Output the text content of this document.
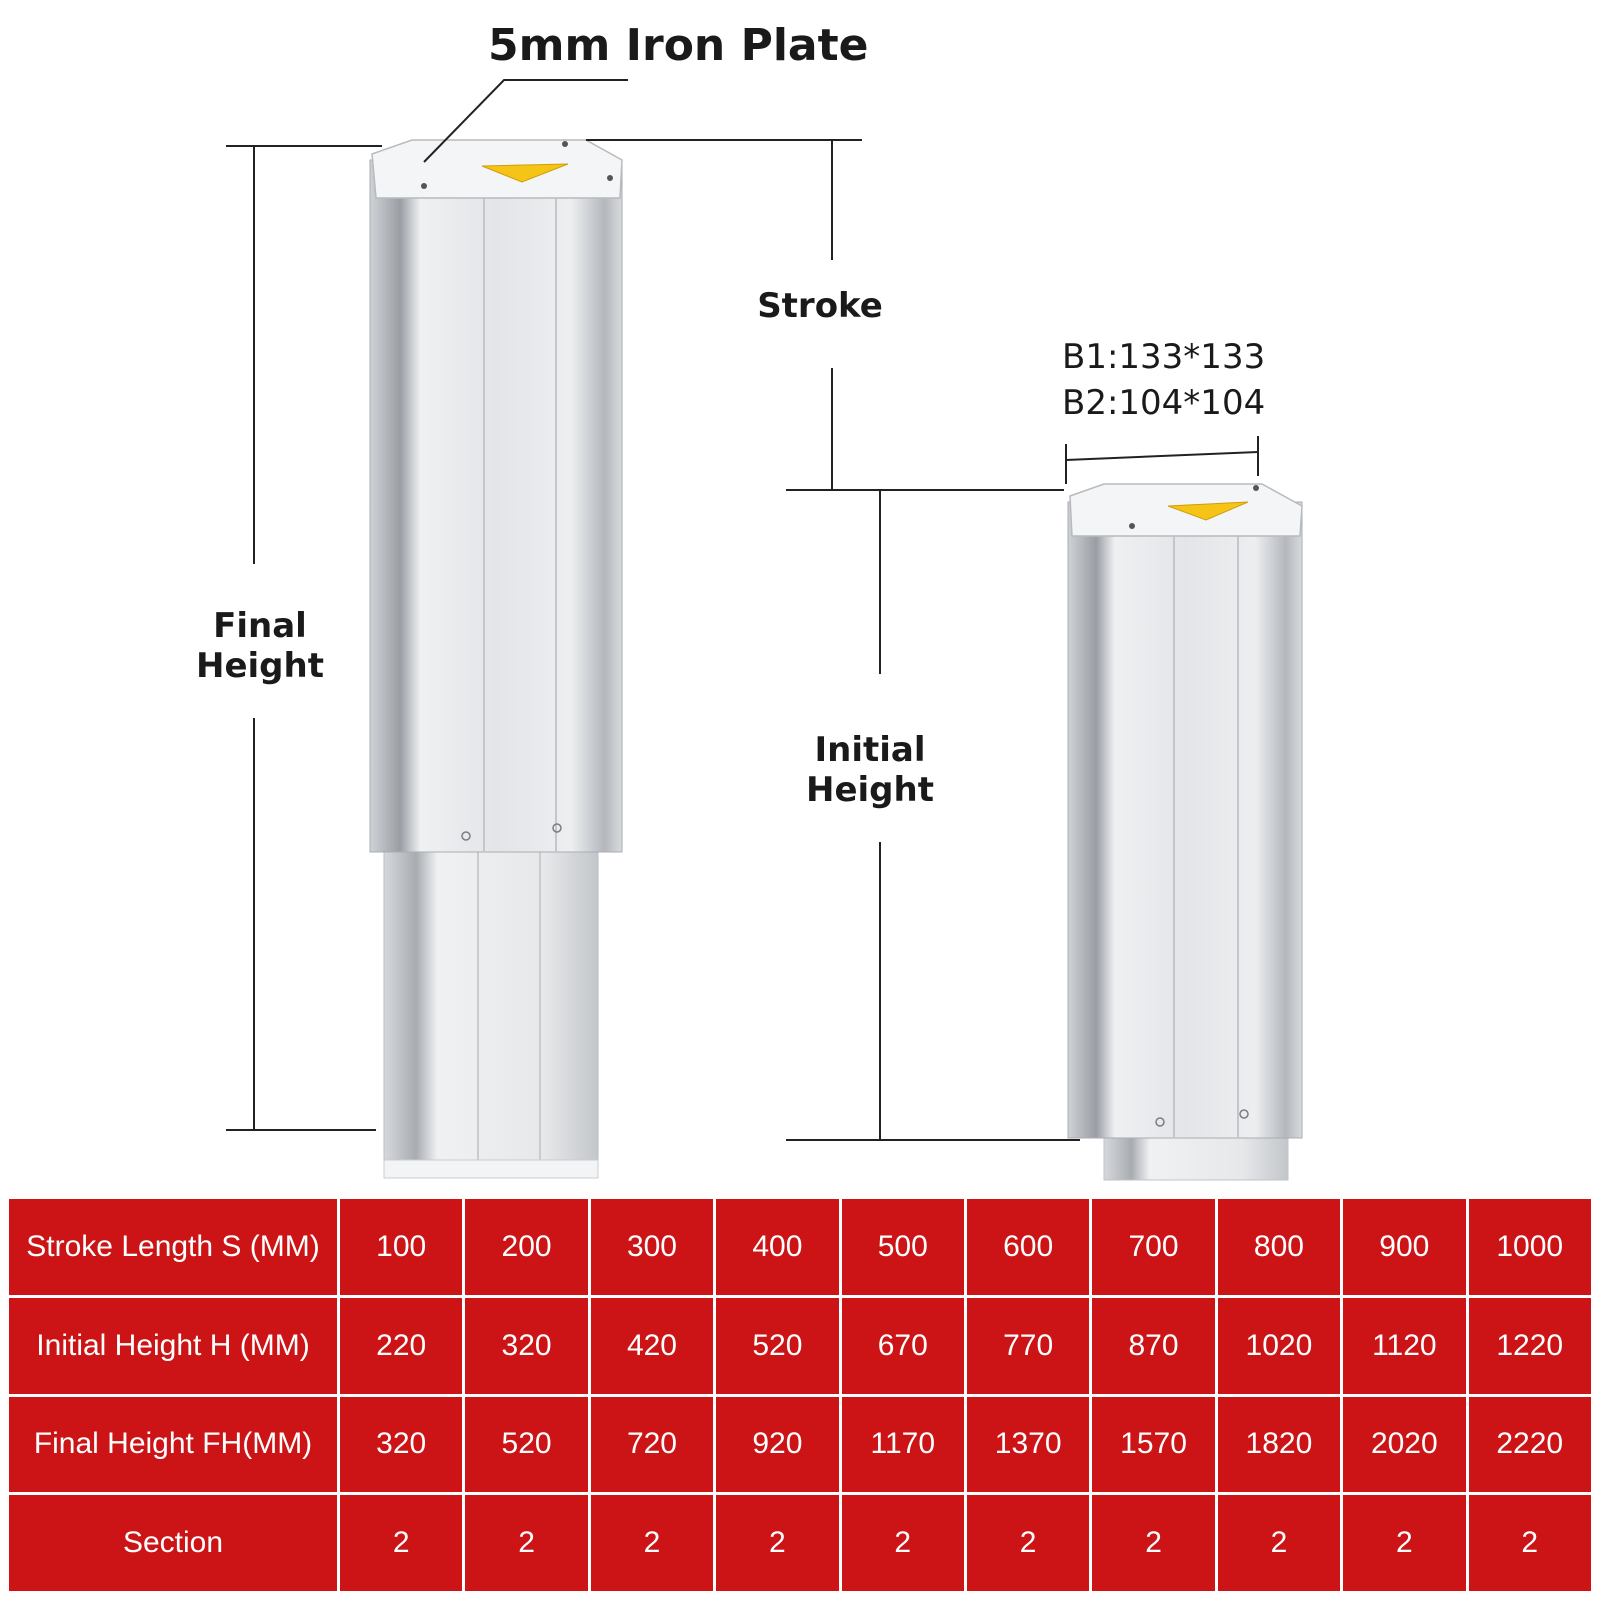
5mm Iron Plate
Stroke
Final
Height
Initial
Height
B1:133*133
B2:104*104
Stroke Length S (MM)	100	200	300	400	500	600	700	800	900	1000
Initial Height H (MM)	220	320	420	520	670	770	870	1020	1120	1220
Final Height FH(MM)	320	520	720	920	1170	1370	1570	1820	2020	2220
Section	2	2	2	2	2	2	2	2	2	2
